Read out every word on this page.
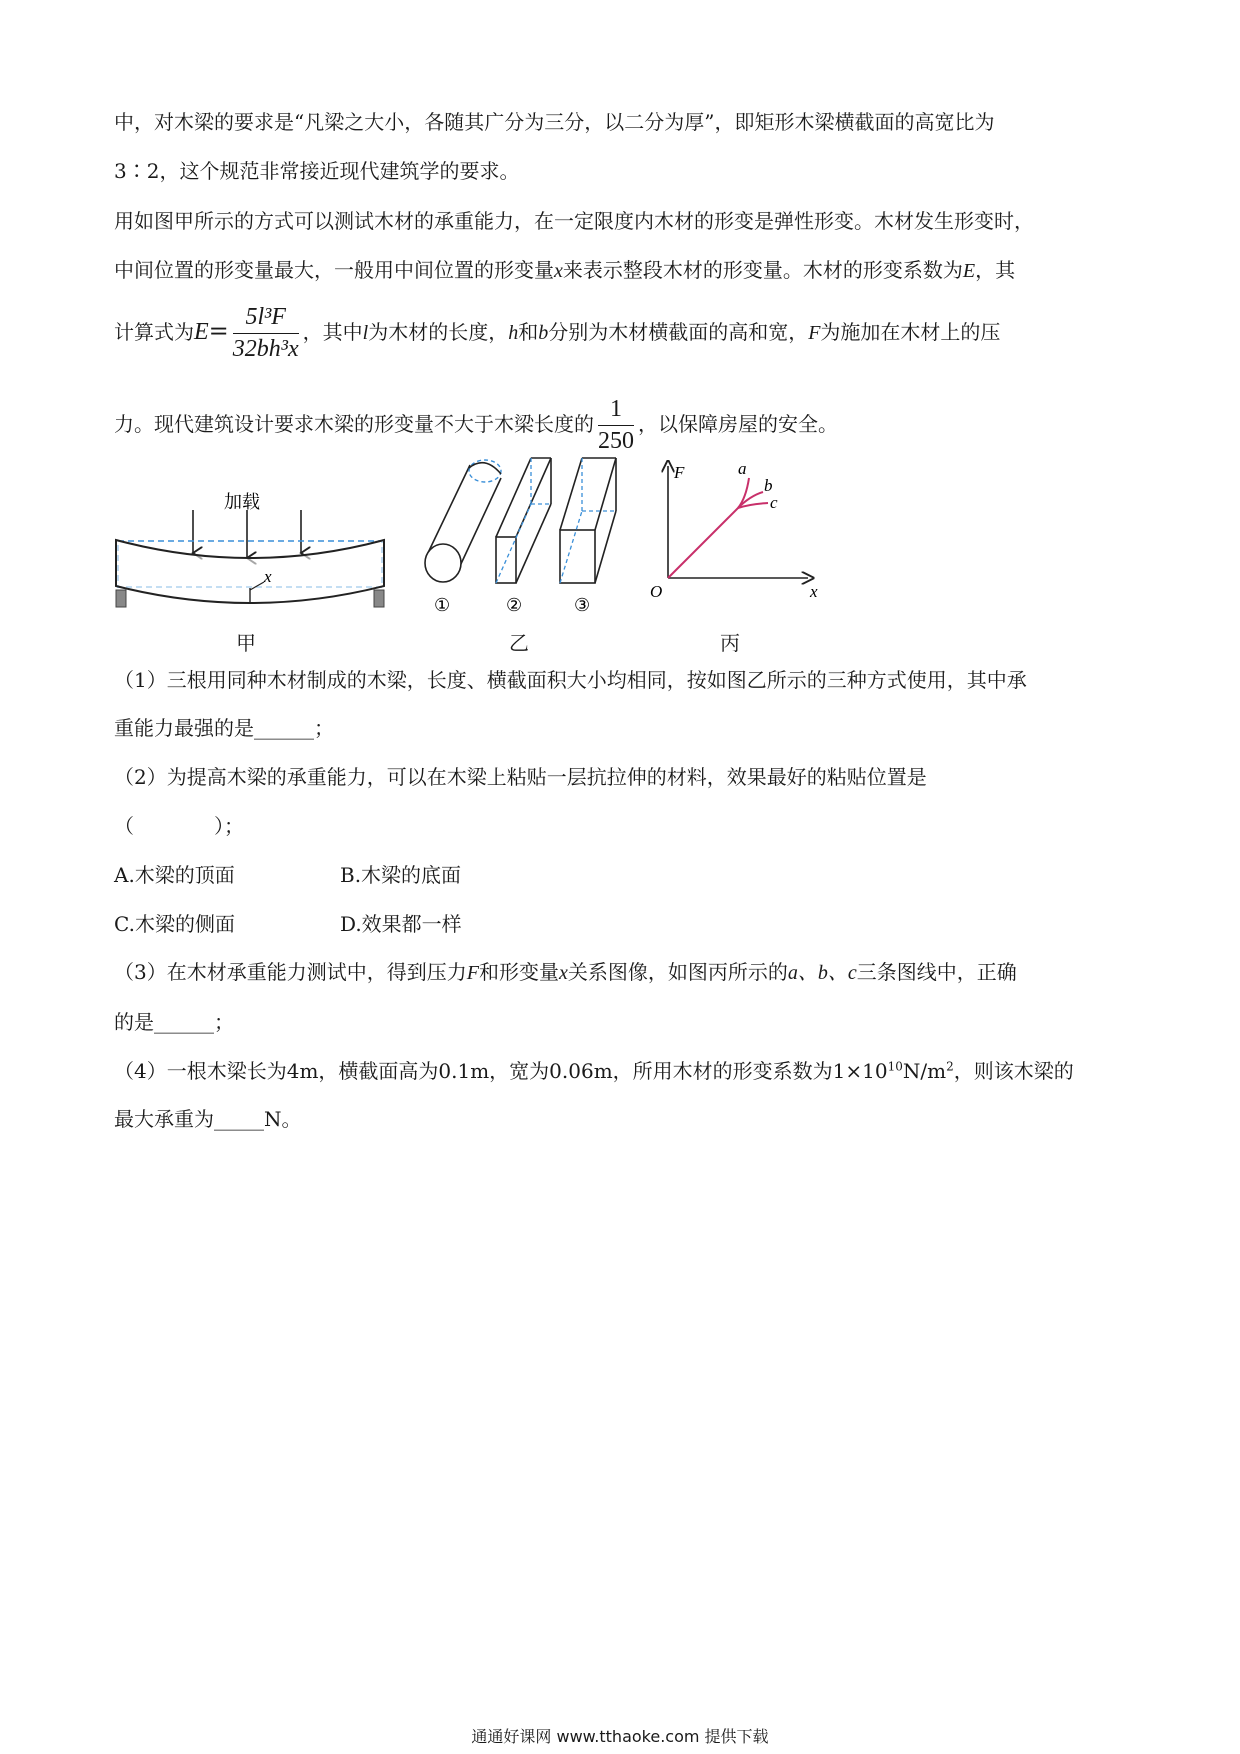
中，对木梁的要求是“凡梁之大小，各随其广分为三分，以二分为厚”，即矩形木梁横截面的高宽比为
3∶2，这个规范非常接近现代建筑学的要求。
用如图甲所示的方式可以测试木材的承重能力，在一定限度内木材的形变是弹性形变。木材发生形变时，
中间位置的形变量最大，一般用中间位置的形变量x来表示整段木材的形变量。木材的形变系数为E，其
计算式为$E= \frac{\text{5l³F}}{\text{32bh³x}}$ ，其中l为木材的长度，h和b分别为木材横截面的高和宽，F为施加在木材上的压
力。现代建筑设计要求木梁的形变量不大于木梁长度的 $\frac{1}{250}$ ，以保障房屋的安全。
加载
x
甲
①	②	③
乙
F
x
O
a
b
c
丙
（1）三根用同种木材制成的木梁，长度、横截面积大小均相同，按如图乙所示的三种方式使用，其中承
重能力最强的是______；
（2）为提高木梁的承重能力，可以在木梁上粘贴一层抗拉伸的材料，效果最好的粘贴位置是
（　　　　）；
A.木梁的顶面	B.木梁的底面
C.木梁的侧面	D.效果都一样
（3）在木材承重能力测试中，得到压力F和形变量x关系图像，如图丙所示的a、b、c三条图线中，正确
的是______；
（4）一根木梁长为4m，横截面高为0.1m，宽为0.06m，所用木材的形变系数为$1\times 10^{10}N/m^2$，则该木梁的
最大承重为_____N。
通通好课网 www.tthaoke.com 提供下载
